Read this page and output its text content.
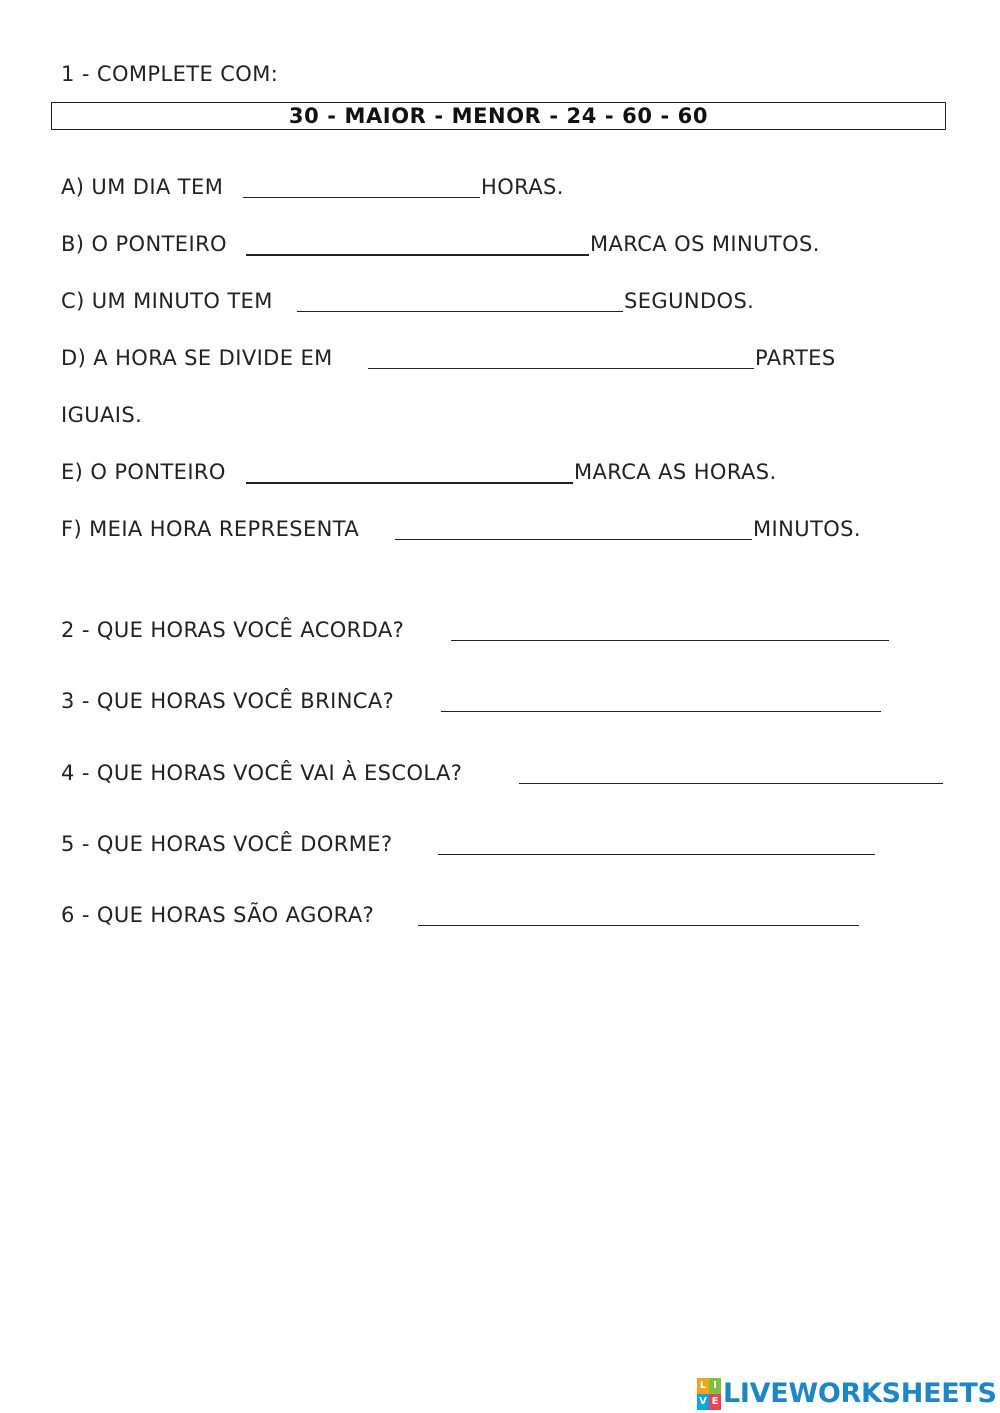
1 - COMPLETE COM:
30 - MAIOR - MENOR - 24 - 60 - 60
A) UM DIA TEM	HORAS.
B) O PONTEIRO	MARCA OS MINUTOS.
C) UM MINUTO TEM	SEGUNDOS.
D) A HORA SE DIVIDE EM	PARTES
IGUAIS.
E) O PONTEIRO	MARCA AS HORAS.
F) MEIA HORA REPRESENTA	MINUTOS.
2 - QUE HORAS VOCÊ ACORDA?
3 - QUE HORAS VOCÊ BRINCA?
4 - QUE HORAS VOCÊ VAI À ESCOLA?
5 - QUE HORAS VOCÊ DORME?
6 - QUE HORAS SÃO AGORA?
L I
V E LIVEWORKSHEETS
